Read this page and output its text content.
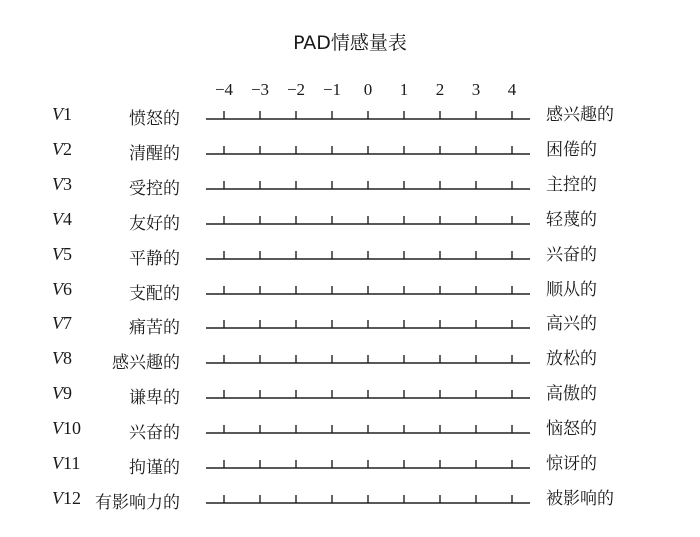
PAD情感量表
−4 −3 −2 −1 0 1 2 3 4
V1	愤怒的	感兴趣的
V2	清醒的	困倦的
V3	受控的	主控的
V4	友好的	轻蔑的
V5	平静的	兴奋的
V6	支配的	顺从的
V7	痛苦的	高兴的
V8 感兴趣的	放松的
V9	谦卑的	高傲的
V10	兴奋的	恼怒的
V11	拘谨的	惊讶的
V12 有影响力的	被影响的
